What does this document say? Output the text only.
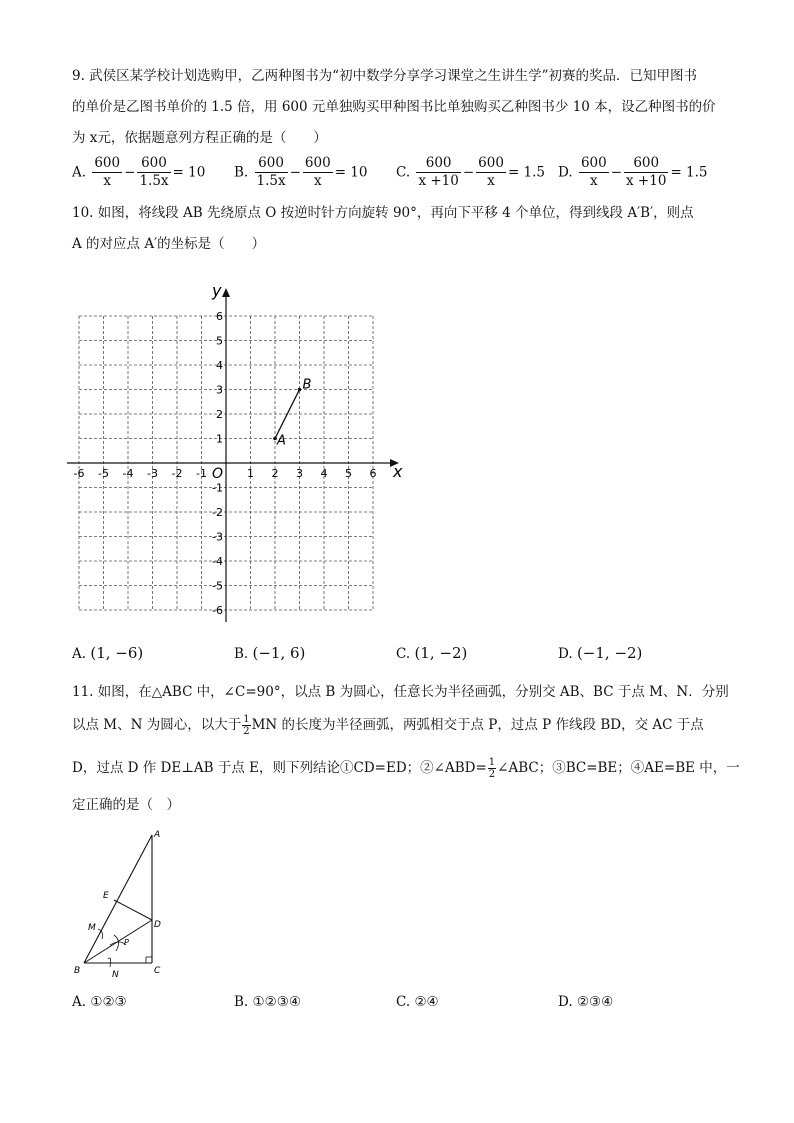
9. 武侯区某学校计划选购甲，乙两种图书为“初中数学分享学习课堂之生讲生学”初赛的奖品．已知甲图书
的单价是乙图书单价的 1.5 倍，用 600 元单独购买甲种图书比单独购买乙种图书少 10 本，设乙种图书的价
为 x元，依据题意列方程正确的是（　　）
A. $\frac{600}{x} - \frac{600}{1.5x} = 10$ B. $\frac{600}{1.5x} - \frac{600}{x} = 10$ C. $\frac{600}{x +10} - \frac{600}{x} = 1.5$ D. $\frac{600}{x} - \frac{600}{x +10} = 1.5$
10. 如图，将线段 AB 先绕原点 O 按逆时针方向旋转 90°，再向下平移 4 个单位，得到线段 A′B′，则点
A 的对应点 A′的坐标是（　　）
-6 -5 -4 -3 -2 -1	1 2 3 4 5 6
6
5
4
3
2
1
-1
-2
-3
-4
-5
-6
A
B
x
y
O
A. (1, −6)	B. (−1, 6)	C. (1, −2)	D. (−1, −2)
11. 如图，在△ABC 中，∠C=90°，以点 B 为圆心，任意长为半径画弧，分别交 AB、BC 于点 M、N．分别
以点 M、N 为圆心，以大于 $\frac{1}{2}$ MN 的长度为半径画弧，两弧相交于点 P，过点 P 作线段 BD，交 AC 于点
D，过点 D 作 DE⊥AB 于点 E，则下列结论①CD=ED；②∠ABD= $\frac{1}{2}$ ∠ABC；③BC=BE；④AE=BE 中，一
定正确的是（　）
A
B	C
D
E
M
N
P
A. ①②③	B. ①②③④	C. ②④	D. ②③④
